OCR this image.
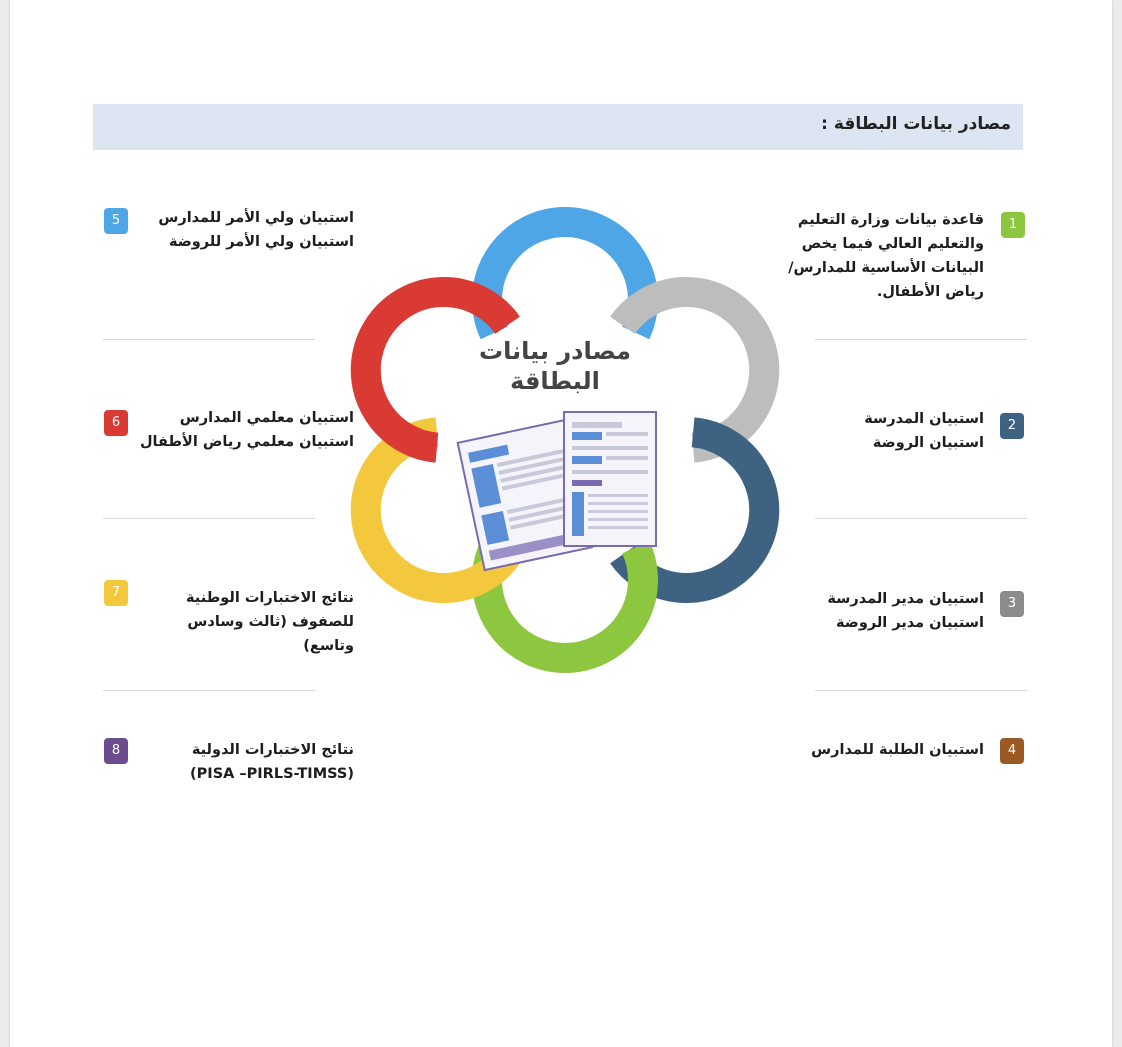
مصادر بيانات البطاقة :
مصادر بيانات البطاقة
1
قاعدة بيانات وزارة التعليم
والتعليم العالي فيما يخص
البيانات الأساسية للمدارس/
رياض الأطفال.
2
استبيان المدرسة
استبيان الروضة
3
استبيان مدير المدرسة
استبيان مدير الروضة
4
استبيان الطلبة للمدارس
5	استبيان ولي الأمر للمدارس
استبيان ولي الأمر للروضة
6	استبيان معلمي المدارس
استبيان معلمي رياض الأطفال
7	نتائج الاختبارات الوطنية
للصفوف (ثالث وسادس
وتاسع)
8	نتائج الاختبارات الدولية
(PISA –PIRLS-TIMSS)
